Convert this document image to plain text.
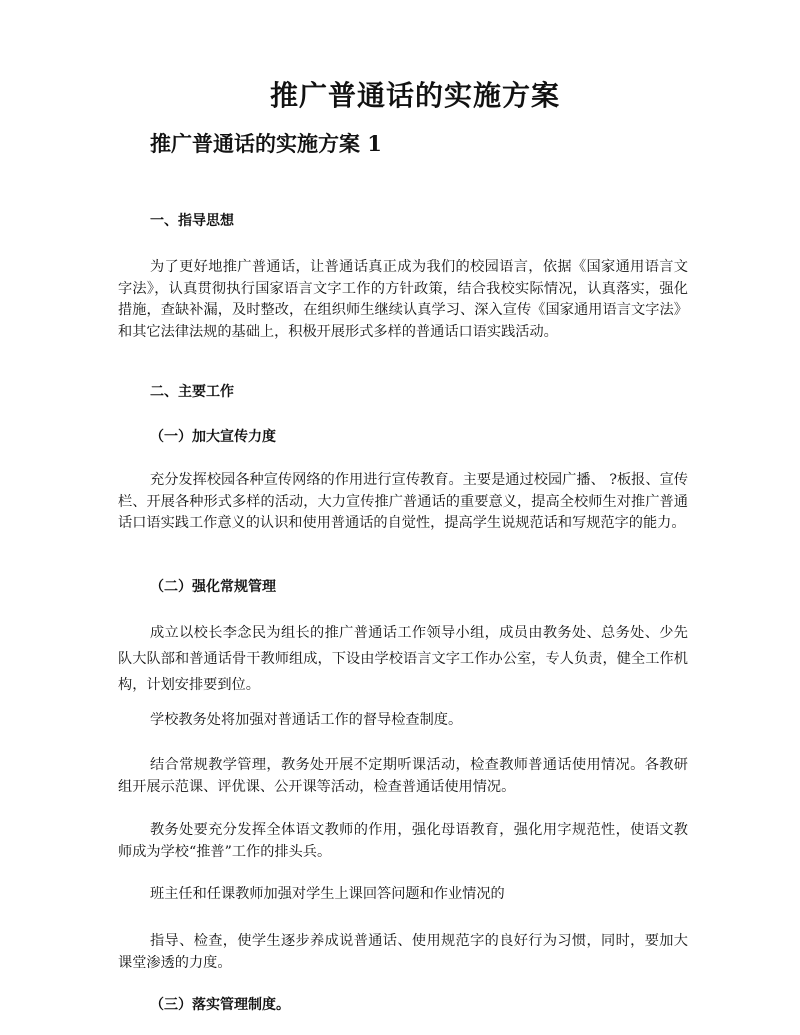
推广普通话的实施方案
推广普通话的实施方案 1
一、指导思想
为了更好地推广普通话，让普通话真正成为我们的校园语言，依据《国家通用语言文字法》，认真贯彻执行国家语言文字工作的方针政策，结合我校实际情况，认真落实，强化措施，查缺补漏，及时整改，在组织师生继续认真学习、深入宣传《国家通用语言文字法》和其它法律法规的基础上，积极开展形式多样的普通话口语实践活动。
二、主要工作
（一）加大宣传力度
充分发挥校园各种宣传网络的作用进行宣传教育。主要是通过校园广播、 ?板报、宣传栏、开展各种形式多样的活动，大力宣传推广普通话的重要意义，提高全校师生对推广普通话口语实践工作意义的认识和使用普通话的自觉性，提高学生说规范话和写规范字的能力。
（二）强化常规管理
成立以校长李念民为组长的推广普通话工作领导小组，成员由教务处、总务处、少先队大队部和普通话骨干教师组成，下设由学校语言文字工作办公室，专人负责，健全工作机构，计划安排要到位。
学校教务处将加强对普通话工作的督导检查制度。
结合常规教学管理，教务处开展不定期听课活动，检查教师普通话使用情况。各教研组开展示范课、评优课、公开课等活动，检查普通话使用情况。
教务处要充分发挥全体语文教师的作用，强化母语教育，强化用字规范性，使语文教师成为学校“推普”工作的排头兵。
班主任和任课教师加强对学生上课回答问题和作业情况的
指导、检查，使学生逐步养成说普通话、使用规范字的良好行为习惯，同时，要加大课堂渗透的力度。
（三）落实管理制度。
